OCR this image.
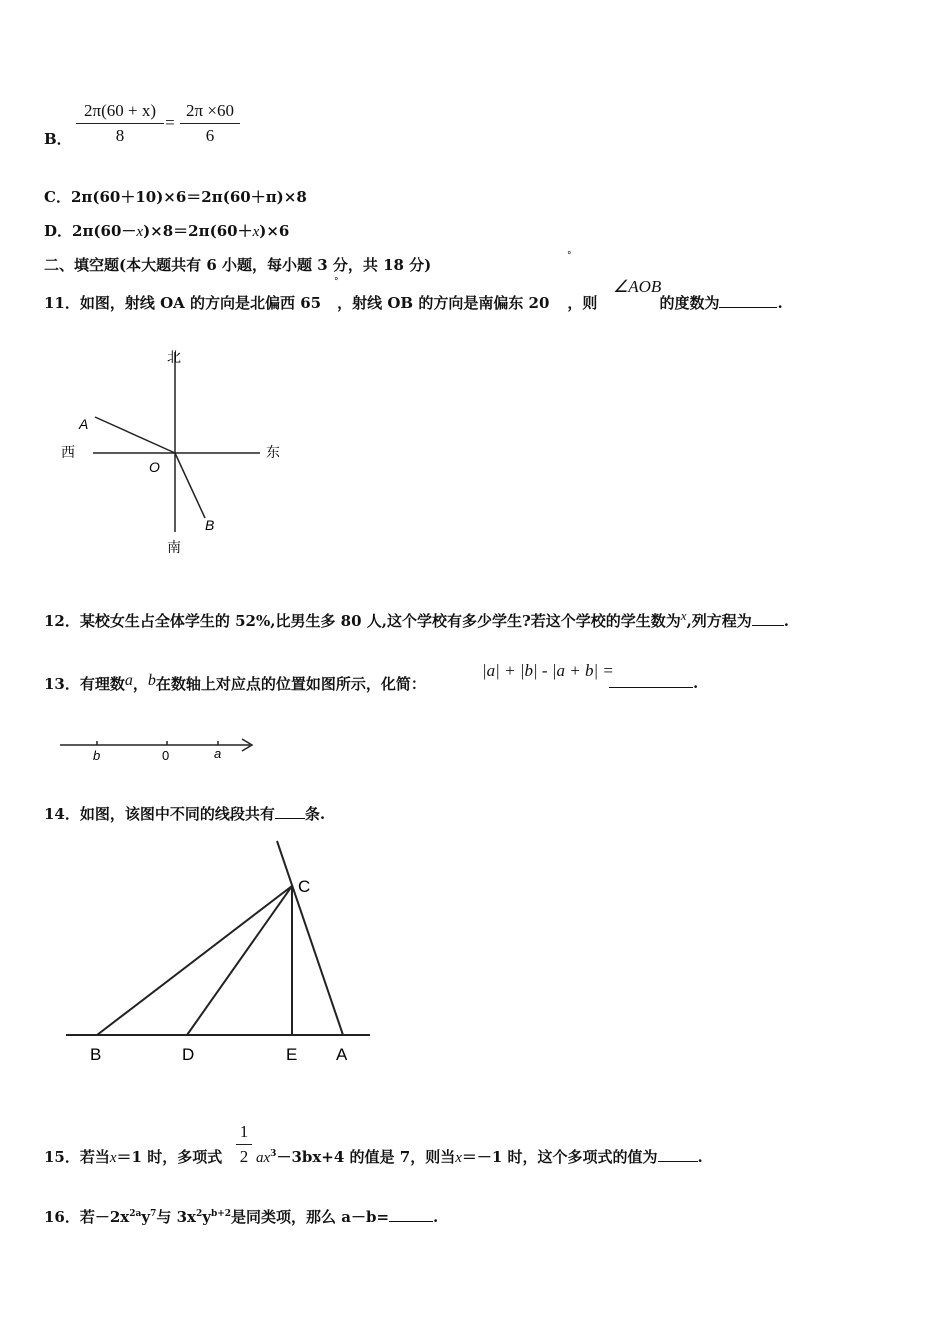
B．
2π(60 + x)
8
=
2π ×60
6
C．2π(60＋10)×6＝2π(60＋π)×8
D．2π(60－x)×8＝2π(60＋x)×6
二、填空题(本大题共有 6 小题，每小题 3 分，共 18 分)
11．如图，射线 OA 的方向是北偏西 65 ，射线 OB 的方向是南偏东 20 ，则	的度数为	.
°
°
∠AOB
北
南
西	东
A
B
O
12．某校女生占全体学生的 52%,比男生多 80 人,这个学校有多少学生?若这个学校的学生数为x,列方程为 .
13．有理数a，b在数轴上对应点的位置如图所示，化简：
|a| + |b| - |a + b| =
.
b	0	a
14．如图，该图中不同的线段共有 条.
C
B	D	E A
15．若当x＝1 时，多项式
1
2 $ax^3-3bx+4$ 的值是 7，则当x＝－1 时，这个多项式的值为	.
16．若$-2x^{2a}y^7$与 $3x^2y^{b+2}$是同类项，那么 a－b=	.
